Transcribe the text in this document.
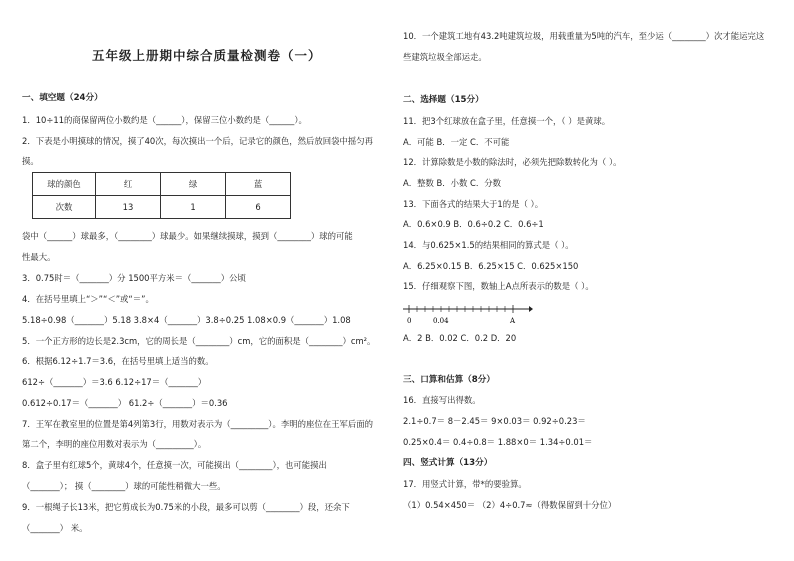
五年级上册期中综合质量检测卷（一）
一、填空题（24分）
1．10÷11的商保留两位小数约是（______），保留三位小数约是（______）。
2．下表是小明摸球的情况，摸了40次，每次摸出一个后，记录它的颜色，然后放回袋中摇匀再
摸。
球的颜色	红	绿	蓝
次数	13	1	6
袋中（______）球最多，（________）球最少。如果继续摸球，摸到（________）球的可能
性最大。
3．0.75时＝（_______）分 1500平方米＝（_______）公顷
4．在括号里填上“＞”“＜”或“＝”。
5.18÷0.98（_______）5.18 3.8×4（_______）3.8÷0.25 1.08×0.9（_______）1.08
5．一个正方形的边长是2.3cm，它的周长是（________）cm，它的面积是（________）cm²。
6．根据6.12÷1.7＝3.6，在括号里填上适当的数。
612÷（_______）＝3.6 6.12÷17＝（_______）
0.612÷0.17＝（_______） 61.2÷（_______）＝0.36
7．王军在教室里的位置是第4列第3行，用数对表示为（_________）。李明的座位在王军后面的
第二个，李明的座位用数对表示为（_________）。
8．盒子里有红球5个，黄球4个，任意摸一次，可能摸出（________），也可能摸出
（_______）； 摸（________）球的可能性稍微大一些。
9．一根绳子长13米，把它剪成长为0.75米的小段，最多可以剪（________）段，还余下
（_______） 米。
10．一个建筑工地有43.2吨建筑垃圾，用载重量为5吨的汽车，至少运（________）次才能运完这
些建筑垃圾全部运走。
二、选择题（15分）
11．把3个红球放在盒子里，任意摸一个，（ ）是黄球。
A．可能 B．一定 C．不可能
12．计算除数是小数的除法时，必须先把除数转化为（ ）。
A．整数 B．小数 C．分数
13．下面各式的结果大于1的是（ ）。
A．0.6×0.9 B．0.6÷0.2 C．0.6÷1
14．与0.625×1.5的结果相同的算式是（ ）。
A．6.25×0.15 B．6.25×15 C．0.625×150
15．仔细观察下图，数轴上A点所表示的数是（ ）。
0	0.04	A
A．2 B．0.02 C．0.2 D．20
三、口算和估算（8分）
16．直接写出得数。
2.1÷0.7＝ 8－2.45＝ 9×0.03＝ 0.92÷0.23＝
0.25×0.4＝ 0.4÷0.8＝ 1.88×0＝ 1.34÷0.01＝
四、竖式计算（13分）
17．用竖式计算，带*的要验算。
（1）0.54×450＝ （2）4÷0.7≈（得数保留到十分位）
